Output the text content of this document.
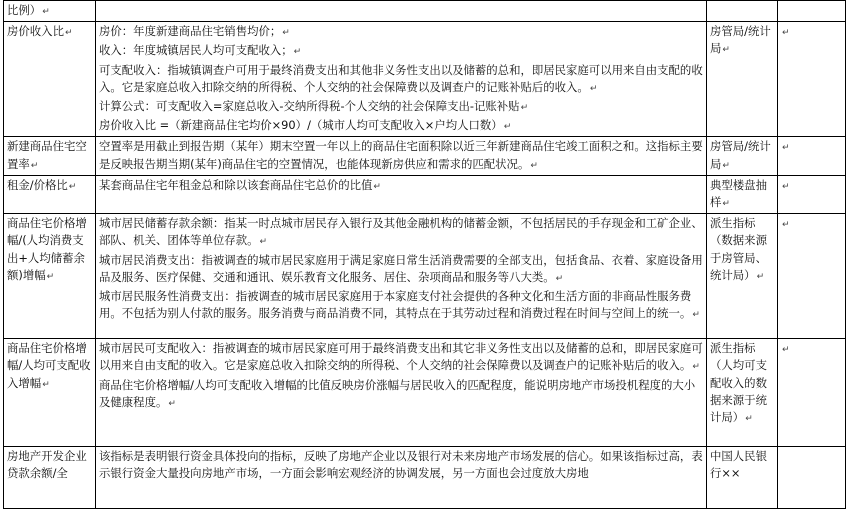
比例）↵			
房价收入比↵	房价：年度新建商品住宅销售均价；↵
收入：年度城镇居民人均可支配收入；↵
可支配收入：指城镇调查户可用于最终消费支出和其他非义务性支出以及储蓄的总和，即居民家庭可以用来自由支配的收入。它是家庭总收入扣除交纳的所得税、个人交纳的社会保障费以及调查户的记账补贴后的收入。↵
计算公式：可支配收入=家庭总收入-交纳所得税-个人交纳的社会保障支出-记账补贴↵
房价收入比 =（新建商品住宅均价×90）/（城市人均可支配收入×户均人口数）↵	房管局/统计局↵	↵
新建商品住宅空置率↵	空置率是用截止到报告期（某年）期末空置一年以上的商品住宅面积除以近三年新建商品住宅竣工面积之和。这指标主要是反映报告期当期(某年)商品住宅的空置情况，也能体现新房供应和需求的匹配状况。↵	房管局/统计局↵	↵
租金/价格比↵	某套商品住宅年租金总和除以该套商品住宅总价的比值↵	典型楼盘抽样↵	↵
商品住宅价格增幅/(人均消费支出+人均储蓄余额)增幅↵	城市居民储蓄存款余额：指某一时点城市居民存入银行及其他金融机构的储蓄金额，不包括居民的手存现金和工矿企业、部队、机关、团体等单位存款。↵
城市居民消费支出：指被调查的城市居民家庭用于满足家庭日常生活消费需要的全部支出，包括食品、衣着、家庭设备用品及服务、医疗保健、交通和通讯、娱乐教育文化服务、居住、杂项商品和服务等八大类。↵
城市居民服务性消费支出：指被调查的城市居民家庭用于本家庭支付社会提供的各种文化和生活方面的非商品性服务费用。不包括为别人付款的服务。服务消费与商品消费不同，其特点在于其劳动过程和消费过程在时间与空间上的统一。↵	派生指标（数据来源于房管局、统计局）↵	↵
商品住宅价格增幅/人均可支配收入增幅↵	城市居民可支配收入：指被调查的城市居民家庭可用于最终消费支出和其它非义务性支出以及储蓄的总和，即居民家庭可以用来自由支配的收入。它是家庭总收入扣除交纳的所得税、个人交纳的社会保障费以及调查户的记账补贴后的收入。↵
商品住宅价格增幅/人均可支配收入增幅的比值反映房价涨幅与居民收入的匹配程度，能说明房地产市场投机程度的大小及健康程度。↵	派生指标（人均可支配收入的数据来源于统计局）↵	↵
房地产开发企业贷款余额/全	该指标是表明银行资金具体投向的指标，反映了房地产企业以及银行对未来房地产市场发展的信心。如果该指标过高，表示银行资金大量投向房地产市场，一方面会影响宏观经济的协调发展，另一方面也会过度放大房地	中国人民银行××	
